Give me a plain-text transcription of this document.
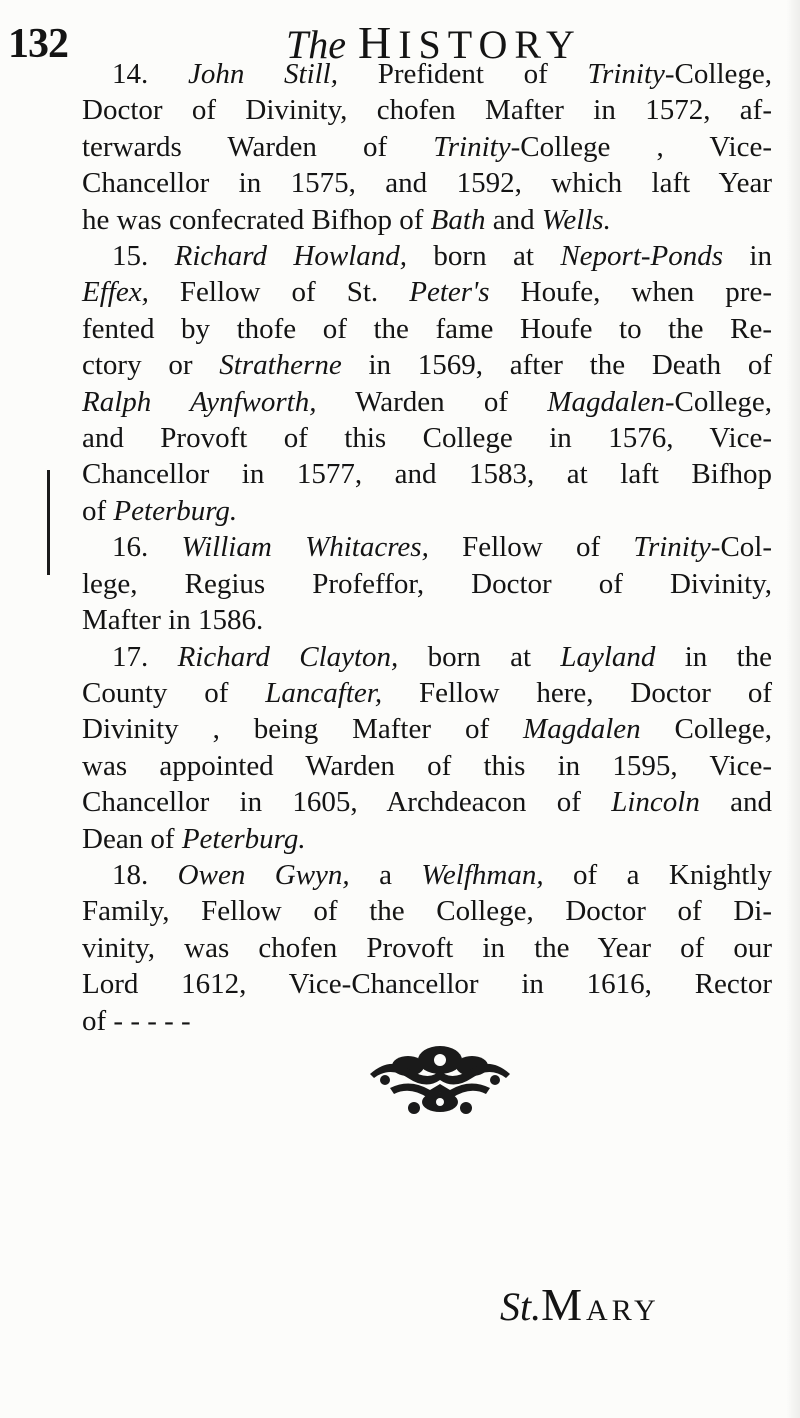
132	The HISTORY
14. John Still, Prefident of Trinity-College,
Doctor of Divinity, chofen Mafter in 1572, af-
terwards Warden of Trinity-College , Vice-
Chancellor in 1575, and 1592, which laft Year
he was confecrated Bifhop of Bath and Wells.
15. Richard Howland, born at Neport-Ponds in
Effex, Fellow of St. Peter's Houfe, when pre-
fented by thofe of the fame Houfe to the Re-
ctory or Stratherne in 1569, after the Death of
Ralph Aynfworth, Warden of Magdalen-College,
and Provoft of this College in 1576, Vice-
Chancellor in 1577, and 1583, at laft Bifhop
of Peterburg.
16. William Whitacres, Fellow of Trinity-Col-
lege, Regius Profeffor, Doctor of Divinity,
Mafter in 1586.
17. Richard Clayton, born at Layland in the
County of Lancafter, Fellow here, Doctor of
Divinity , being Mafter of Magdalen College,
was appointed Warden of this in 1595, Vice-
Chancellor in 1605, Archdeacon of Lincoln and
Dean of Peterburg.
18. Owen Gwyn, a Welfhman, of a Knightly
Family, Fellow of the College, Doctor of Di-
vinity, was chofen Provoft in the Year of our
Lord 1612, Vice-Chancellor in 1616, Rector
of - - - - -
St.MARY
